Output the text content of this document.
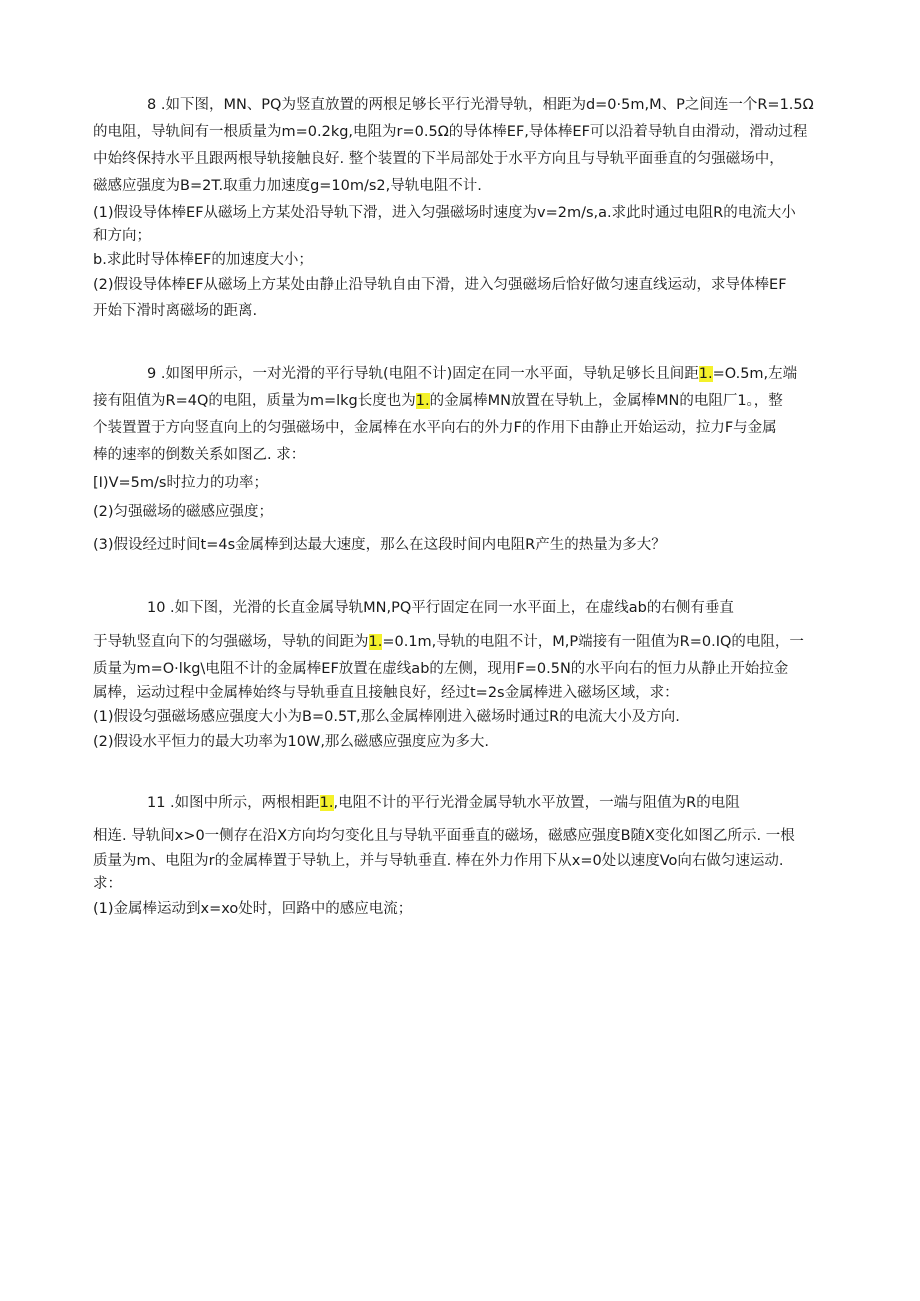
8 .如下图，MN、PQ为竖直放置的两根足够长平行光滑导轨，相距为d=0·5m,M、P之间连一个R=1.5Ω
的电阻，导轨间有一根质量为m=0.2kg,电阻为r=0.5Ω的导体棒EF,导体棒EF可以沿着导轨自由滑动，滑动过程
中始终保持水平且跟两根导轨接触良好. 整个装置的下半局部处于水平方向且与导轨平面垂直的匀强磁场中，
磁感应强度为B=2T.取重力加速度g=10m∕s2,导轨电阻不计.
(1)假设导体棒EF从磁场上方某处沿导轨下滑，进入匀强磁场时速度为v=2m∕s,a.求此时通过电阻R的电流大小
和方向；
b.求此时导体棒EF的加速度大小；
(2)假设导体棒EF从磁场上方某处由静止沿导轨自由下滑，进入匀强磁场后恰好做匀速直线运动，求导体棒EF
开始下滑时离磁场的距离.
9 .如图甲所示，一对光滑的平行导轨(电阻不计)固定在同一水平面，导轨足够长且间距1.=O.5m,左端
接有阻值为R=4Q的电阻，质量为m=lkg长度也为1.的金属棒MN放置在导轨上，金属棒MN的电阻厂1。，整
个装置置于方向竖直向上的匀强磁场中，金属棒在水平向右的外力F的作用下由静止开始运动，拉力F与金属
棒的速率的倒数关系如图乙. 求：
[I)V=5m∕s时拉力的功率；
(2)匀强磁场的磁感应强度；
(3)假设经过时间t=4s金属棒到达最大速度，那么在这段时间内电阻R产生的热量为多大？
10 .如下图，光滑的长直金属导轨MN,PQ平行固定在同一水平面上，在虚线ab的右侧有垂直
于导轨竖直向下的匀强磁场，导轨的间距为1.=0.1m,导轨的电阻不计，M,P端接有一阻值为R=0.IQ的电阻，一
质量为m=O·lkg\电阻不计的金属棒EF放置在虚线ab的左侧，现用F=0.5N的水平向右的恒力从静止开始拉金
属棒，运动过程中金属棒始终与导轨垂直且接触良好，经过t=2s金属棒进入磁场区域，求：
(1)假设匀强磁场感应强度大小为B=0.5T,那么金属棒刚进入磁场时通过R的电流大小及方向.
(2)假设水平恒力的最大功率为10W,那么磁感应强度应为多大.
11 .如图中所示，两根相距1.,电阻不计的平行光滑金属导轨水平放置，一端与阻值为R的电阻
相连. 导轨间x>0一侧存在沿X方向均匀变化且与导轨平面垂直的磁场，磁感应强度B随X变化如图乙所示. 一根
质量为m、电阻为r的金属棒置于导轨上，并与导轨垂直. 棒在外力作用下从x=0处以速度Vo向右做匀速运动.
求：
(1)金属棒运动到x=xo处时，回路中的感应电流；
